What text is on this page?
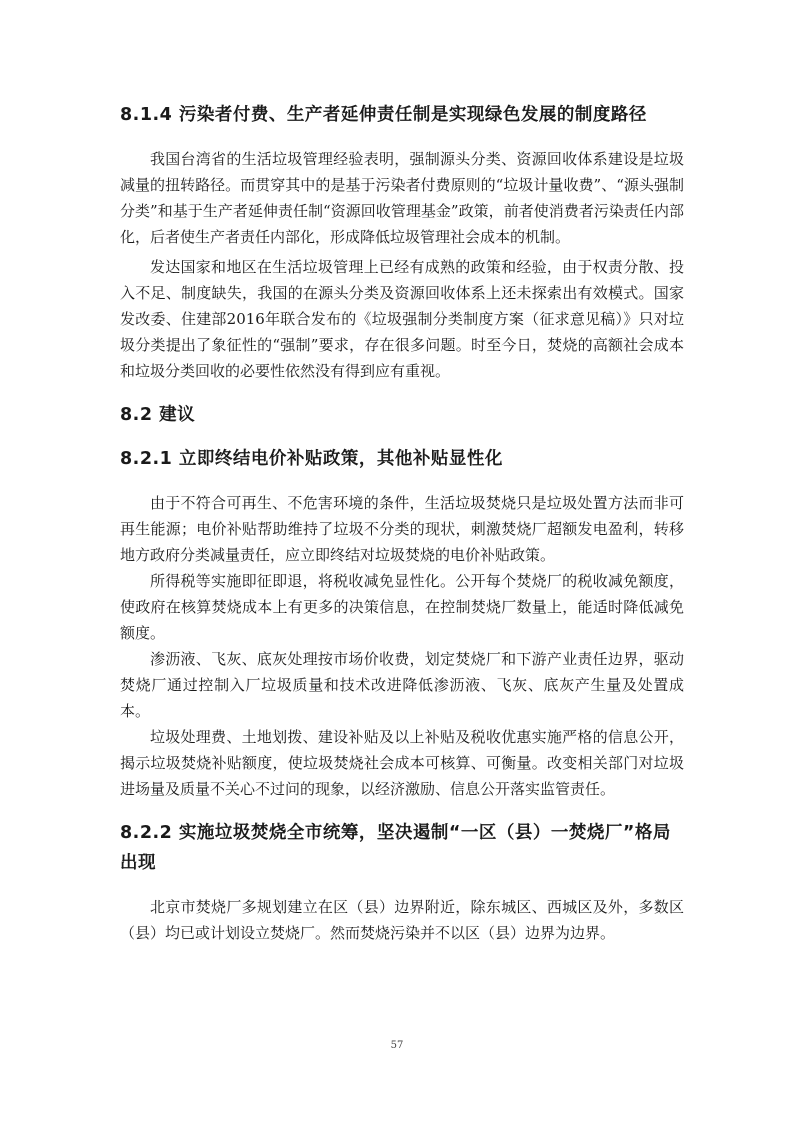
8.1.4 污染者付费、生产者延伸责任制是实现绿色发展的制度路径

我国台湾省的生活垃圾管理经验表明，强制源头分类、资源回收体系建设是垃圾减量的扭转路径。而贯穿其中的是基于污染者付费原则的“垃圾计量收费”、“源头强制分类”和基于生产者延伸责任制“资源回收管理基金”政策，前者使消费者污染责任内部化，后者使生产者责任内部化，形成降低垃圾管理社会成本的机制。

发达国家和地区在生活垃圾管理上已经有成熟的政策和经验，由于权责分散、投入不足、制度缺失，我国的在源头分类及资源回收体系上还未探索出有效模式。国家发改委、住建部2016年联合发布的《垃圾强制分类制度方案（征求意见稿）》只对垃圾分类提出了象征性的“强制”要求，存在很多问题。时至今日，焚烧的高额社会成本和垃圾分类回收的必要性依然没有得到应有重视。

8.2 建议
8.2.1 立即终结电价补贴政策，其他补贴显性化

由于不符合可再生、不危害环境的条件，生活垃圾焚烧只是垃圾处置方法而非可再生能源；电价补贴帮助维持了垃圾不分类的现状，刺激焚烧厂超额发电盈利，转移地方政府分类减量责任，应立即终结对垃圾焚烧的电价补贴政策。

所得税等实施即征即退，将税收减免显性化。公开每个焚烧厂的税收减免额度，使政府在核算焚烧成本上有更多的决策信息，在控制焚烧厂数量上，能适时降低减免额度。

渗沥液、飞灰、底灰处理按市场价收费，划定焚烧厂和下游产业责任边界，驱动焚烧厂通过控制入厂垃圾质量和技术改进降低渗沥液、飞灰、底灰产生量及处置成本。

垃圾处理费、土地划拨、建设补贴及以上补贴及税收优惠实施严格的信息公开，揭示垃圾焚烧补贴额度，使垃圾焚烧社会成本可核算、可衡量。改变相关部门对垃圾进场量及质量不关心不过问的现象，以经济激励、信息公开落实监管责任。

8.2.2 实施垃圾焚烧全市统筹，坚决遏制“一区（县）一焚烧厂”格局出现

北京市焚烧厂多规划建立在区（县）边界附近，除东城区、西城区及外，多数区（县）均已或计划设立焚烧厂。然而焚烧污染并不以区（县）边界为边界。

57
